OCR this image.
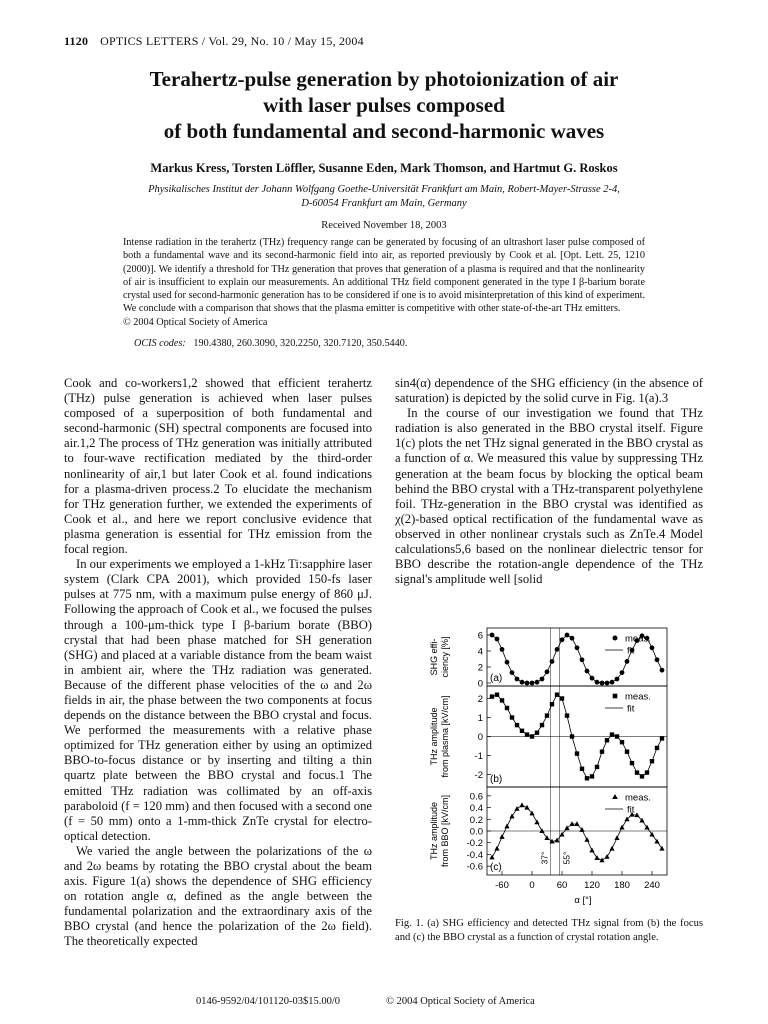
1120 OPTICS LETTERS / Vol. 29, No. 10 / May 15, 2004
Terahertz-pulse generation by photoionization of air
with laser pulses composed
of both fundamental and second-harmonic waves
Markus Kress, Torsten Löffler, Susanne Eden, Mark Thomson, and Hartmut G. Roskos
Physikalisches Institut der Johann Wolfgang Goethe-Universität Frankfurt am Main, Robert-Mayer-Strasse 2-4,
D-60054 Frankfurt am Main, Germany
Received November 18, 2003
Intense radiation in the terahertz (THz) frequency range can be generated by focusing of an ultrashort laser pulse composed of both a fundamental wave and its second-harmonic field into air, as reported previously by Cook et al. [Opt. Lett. 25, 1210 (2000)]. We identify a threshold for THz generation that proves that generation of a plasma is required and that the nonlinearity of air is insufficient to explain our measurements. An additional THz field component generated in the type I β-barium borate crystal used for second-harmonic generation has to be considered if one is to avoid misinterpretation of this kind of experiment. We conclude with a comparison that shows that the plasma emitter is competitive with other state-of-the-art THz emitters.
© 2004 Optical Society of America
OCIS codes: 190.4380, 260.3090, 320.2250, 320.7120, 350.5440.

Cook and co-workers1,2 showed that efficient terahertz (THz) pulse generation is achieved when laser pulses composed of a superposition of both fundamental and second-harmonic (SH) spectral components are focused into air.1,2 The process of THz generation was initially attributed to four-wave rectification mediated by the third-order nonlinearity of air,1 but later Cook et al. found indications for a plasma-driven process.2 To elucidate the mechanism for THz generation further, we extended the experiments of Cook et al., and here we report conclusive evidence that plasma generation is essential for THz emission from the focal region.

In our experiments we employed a 1-kHz Ti:sapphire laser system (Clark CPA 2001), which provided 150-fs laser pulses at 775 nm, with a maximum pulse energy of 860 μJ. Following the approach of Cook et al., we focused the pulses through a 100-μm-thick type I β-barium borate (BBO) crystal that had been phase matched for SH generation (SHG) and placed at a variable distance from the beam waist in ambient air, where the THz radiation was generated. Because of the different phase velocities of the ω and 2ω fields in air, the phase between the two components at focus depends on the distance between the BBO crystal and focus. We performed the measurements with a relative phase optimized for THz generation either by using an optimized BBO-to-focus distance or by inserting and tilting a thin quartz plate between the BBO crystal and focus.1 The emitted THz radiation was collimated by an off-axis paraboloid (f = 120 mm) and then focused with a second one (f = 50 mm) onto a 1-mm-thick ZnTe crystal for electro-optical detection.

We varied the angle between the polarizations of the ω and 2ω beams by rotating the BBO crystal about the beam axis. Figure 1(a) shows the dependence of SHG efficiency on rotation angle α, defined as the angle between the fundamental polarization and the extraordinary axis of the BBO crystal (and hence the polarization of the 2ω field). The theoretically expected

sin4(α) dependence of the SHG efficiency (in the absence of saturation) is depicted by the solid curve in Fig. 1(a).3

In the course of our investigation we found that THz radiation is also generated in the BBO crystal itself. Figure 1(c) plots the net THz signal generated in the BBO crystal as a function of α. We measured this value by suppressing THz generation at the beam focus by blocking the optical beam behind the BBO crystal with a THz-transparent polyethylene foil. THz-generation in the BBO crystal was identified as χ(2)-based optical rectification of the fundamental wave as observed in other nonlinear crystals such as ZnTe.4 Model calculations5,6 based on the nonlinear dielectric tensor for BBO describe the rotation-angle dependence of the THz signal's amplitude well [solid

6
4
2
0
SHG effi-ciency [%]	meas.
fit
(a)
2
1
0
-1
-2
THz amplitudefrom plasma [kV/cm]	meas.
fit
(b)
0.6
0.4
0.2
0.0
-0.2
-0.4
-0.6
THz amplitudefrom BBO [kV/cm]	meas.
fit
(c)
-60 0 60 120 180 240
α [°]
37° 55°
Fig. 1. (a) SHG efficiency and detected THz signal from (b) the focus and (c) the BBO crystal as a function of crystal rotation angle.
0146-9592/04/101120-03$15.00/0	© 2004 Optical Society of America
